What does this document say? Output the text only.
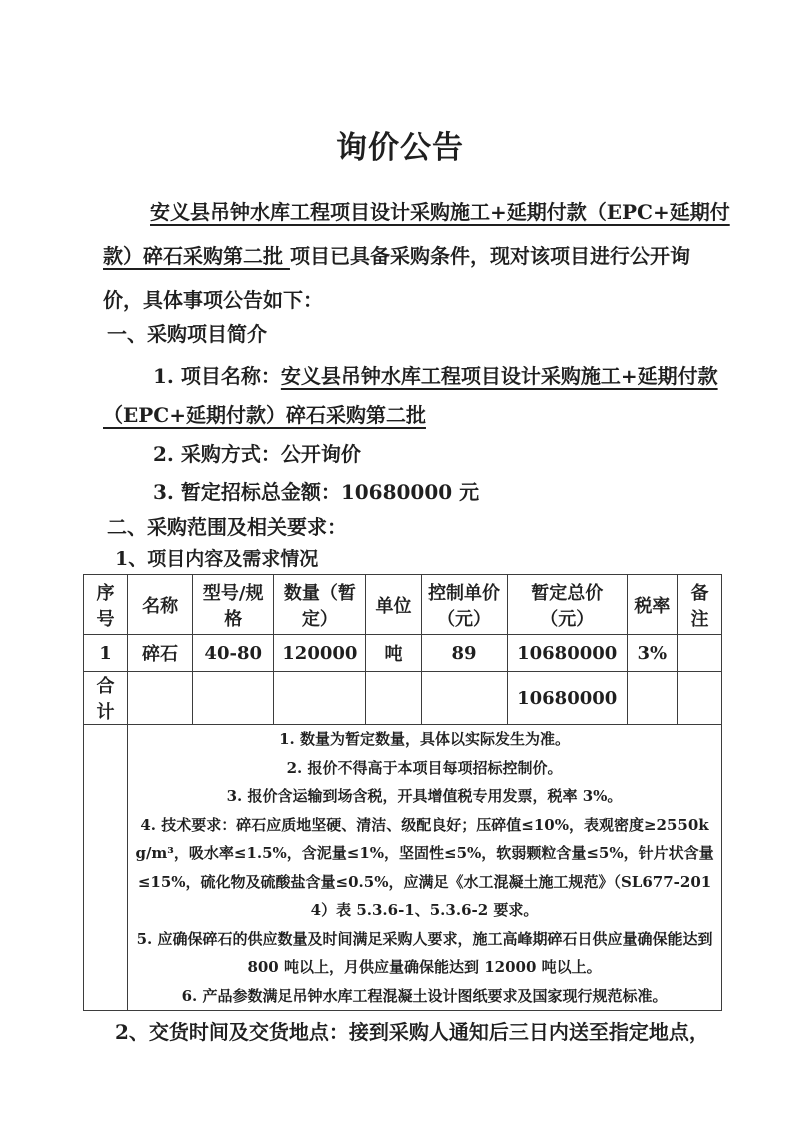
询价公告
安义县吊钟水库工程项目设计采购施工+延期付款（EPC+延期付
款）碎石采购第二批 项目已具备采购条件，现对该项目进行公开询
价，具体事项公告如下：
一、采购项目简介
1. 项目名称：安义县吊钟水库工程项目设计采购施工+延期付款
（EPC+延期付款）碎石采购第二批
2. 采购方式：公开询价
3. 暂定招标总金额：10680000 元
二、采购范围及相关要求：
1、项目内容及需求情况
序号	名称	型号/规格	数量（暂定）	单位	控制单价（元）	暂定总价（元）	税率	备注
1	碎石	40-80	120000	吨	89	10680000	3%	
合计						10680000		

1. 数量为暂定数量，具体以实际发生为准。
2. 报价不得高于本项目每项招标控制价。
3. 报价含运输到场含税，开具增值税专用发票，税率 3%。
4. 技术要求：碎石应质地坚硬、清洁、级配良好；压碎值≤10%，表观密度≥2550kg/m³，吸水率≤1.5%，含泥量≤1%，坚固性≤5%，软弱颗粒含量≤5%，针片状含量≤15%，硫化物及硫酸盐含量≤0.5%，应满足《水工混凝土施工规范》（SL677-2014）表 5.3.6-1、5.3.6-2 要求。
5. 应确保碎石的供应数量及时间满足采购人要求，施工高峰期碎石日供应量确保能达到 800 吨以上，月供应量确保能达到 12000 吨以上。
6. 产品参数满足吊钟水库工程混凝土设计图纸要求及国家现行规范标准。
2、交货时间及交货地点：接到采购人通知后三日内送至指定地点，
